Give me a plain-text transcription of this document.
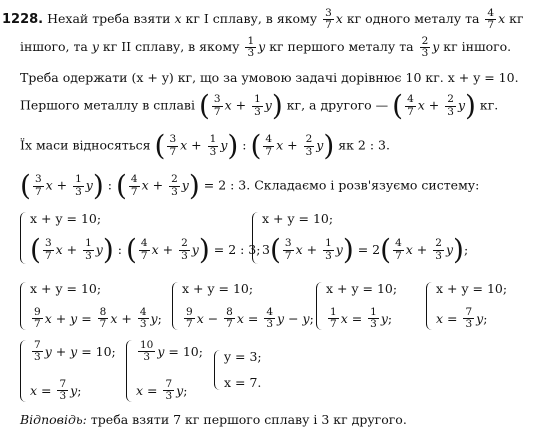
1228. Нехай треба взяти x кг І сплаву, в якому $\frac{3}{7}$ x кг одного металу та $\frac{4}{7}$ x кг
іншого, та y кг ІІ сплаву, в якому $\frac{1}{3}$ y кг першого металу та $\frac{2}{3}$ y кг іншого.
Треба одержати (x + y) кг, що за умовою задачі дорівнює 10 кг. x + y = 10.
Першого металлу в сплаві ( $\frac{3}{7}$ $x + \frac{1}{3} y$) кг, а другого — ( $\frac{4}{7}$ $x + \frac{2}{3} y$) кг.
Їх маси відносяться ( $\frac{3}{7}$ $x + \frac{1}{3} y$) : ( $\frac{4}{7}$ $x + \frac{2}{3} y$) як 2 : 3.
( $\frac{3}{7}$ $x + \frac{1}{3} y$) : ( $\frac{4}{7}$ $x + \frac{2}{3} y) = 2$ : 3. Складаємо і розв'язуємо систему:
x + y = 10;
( $\frac{3}{7}$ $x + \frac{1}{3}$ y ) : ( $\frac{4}{7}$ $x + \frac{2}{3}$ y )
= 2 : 3;
x + y = 10;
3 ( $\frac{3}{7}$ $x + \frac{1}{3}$ y )
= 2 ( $\frac{4}{7}$ $x + \frac{2}{3}$ y ) ;
x + y = 10;
$\frac{9}{7}$ $x + y = \frac{8}{7}$ $x + \frac{4}{3}$ y ;
x + y = 10;
$\frac{9}{7}$ $x - \frac{8}{7}$ $x = \frac{4}{3}$ y − y ;
x + y = 10;
$\frac{1}{7}$ $x = \frac{1}{3}$ y ;
x + y = 10;
$x = \frac{7}{3}$ y ;
$\frac{7}{3}$ y + y = 10;
$x = \frac{7}{3}$ y ;
$\frac{10}{3}$ y = 10;
$x = \frac{7}{3}$ y ;
y = 3;
x = 7.
Відповідь: треба взяти 7 кг першого сплаву і 3 кг другого.
